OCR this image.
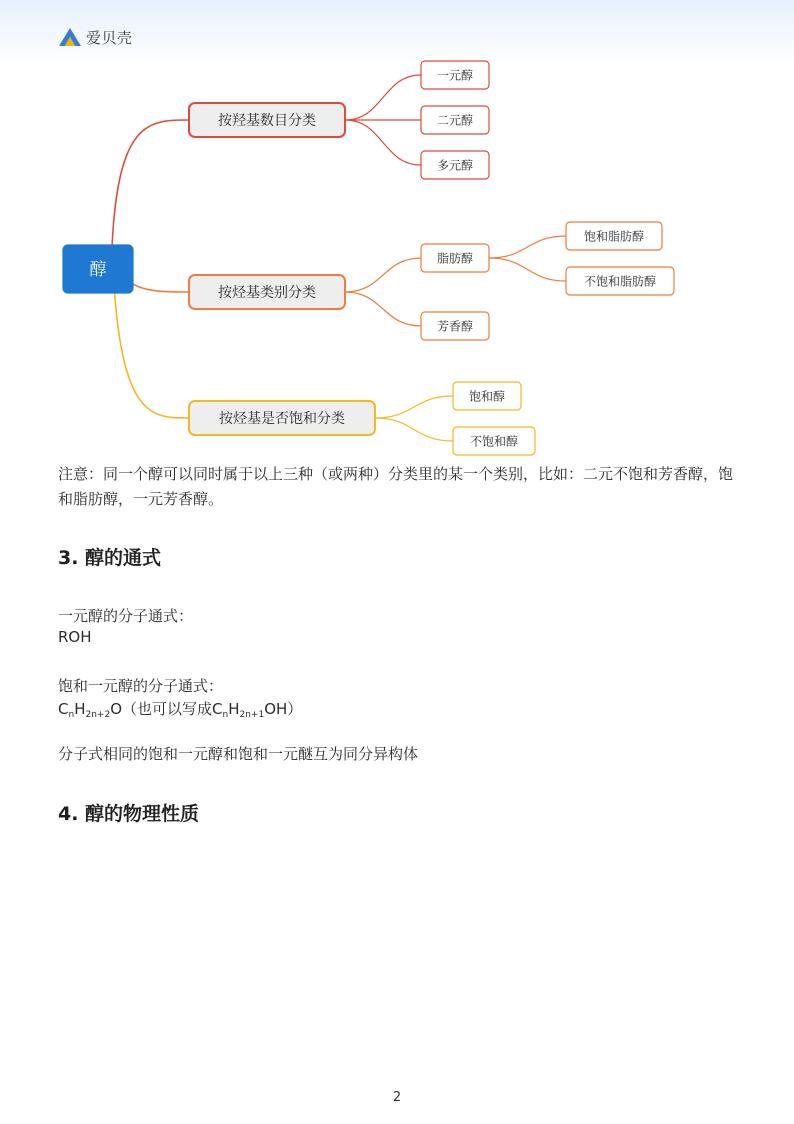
爱贝壳
醇
按羟基数目分类
一元醇
二元醇
多元醇
按烃基类别分类
脂肪醇
饱和脂肪醇
不饱和脂肪醇
芳香醇
按烃基是否饱和分类
饱和醇
不饱和醇
注意：同一个醇可以同时属于以上三种（或两种）分类里的某一个类别，比如：二元不饱和芳香醇，饱和脂肪醇，一元芳香醇。
3. 醇的通式
一元醇的分子通式：
ROH
饱和一元醇的分子通式：
$C_nH_{2n+2}O$（也可以写成$C_nH_{2n+1}OH$）
分子式相同的饱和一元醇和饱和一元醚互为同分异构体
4. 醇的物理性质
2
